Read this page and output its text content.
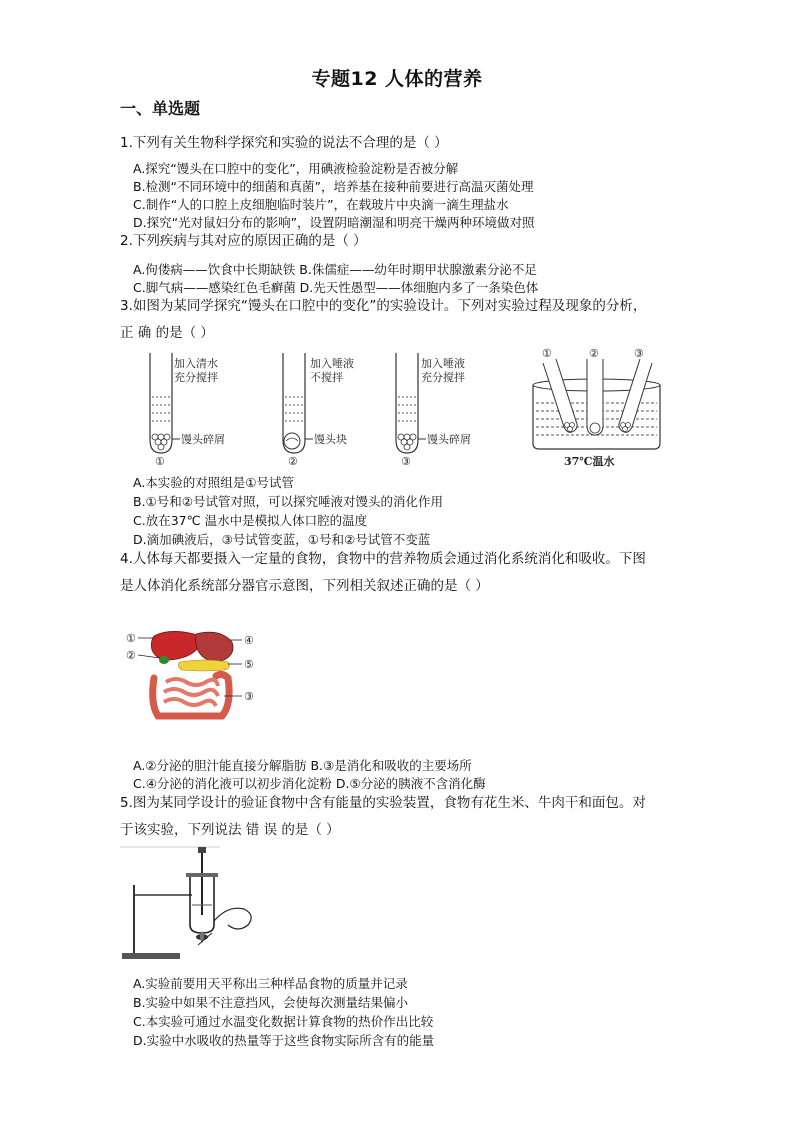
专题12 人体的营养
一、单选题
1.下列有关生物科学探究和实验的说法不合理的是（ ）
A.探究“馒头在口腔中的变化”，用碘液检验淀粉是否被分解
B.检测“不同环境中的细菌和真菌”，培养基在接种前要进行高温灭菌处理
C.制作“人的口腔上皮细胞临时装片”，在载玻片中央滴一滴生理盐水
D.探究“光对鼠妇分布的影响”，设置阴暗潮湿和明亮干燥两种环境做对照
2.下列疾病与其对应的原因正确的是（ ）
A.佝偻病——饮食中长期缺铁 B.侏儒症——幼年时期甲状腺激素分泌不足
C.脚气病——感染红色毛癣菌 D.先天性愚型——体细胞内多了一条染色体
3.如图为某同学探究“馒头在口腔中的变化”的实验设计。下列对实验过程及现象的分析，
正 确 的是（ ）
加入清水
充分搅拌
馒头碎屑
①
加入唾液
不搅拌
馒头块
②
加入唾液
充分搅拌
馒头碎屑
③
①	②	③
37℃温水
A.本实验的对照组是①号试管
B.①号和②号试管对照，可以探究唾液对馒头的消化作用
C.放在37℃ 温水中是模拟人体口腔的温度
D.滴加碘液后，③号试管变蓝，①号和②号试管不变蓝
4.人体每天都要摄入一定量的食物，食物中的营养物质会通过消化系统消化和吸收。下图
是人体消化系统部分器官示意图，下列相关叙述正确的是（ ）
①
②
③
④
⑤
A.②分泌的胆汁能直接分解脂肪 B.③是消化和吸收的主要场所
C.④分泌的消化液可以初步消化淀粉 D.⑤分泌的胰液不含消化酶
5.图为某同学设计的验证食物中含有能量的实验装置，食物有花生米、牛肉干和面包。对
于该实验，下列说法 错 误 的是（ ）
A.实验前要用天平称出三种样品食物的质量并记录
B.实验中如果不注意挡风，会使每次测量结果偏小
C.本实验可通过水温变化数据计算食物的热价作出比较
D.实验中水吸收的热量等于这些食物实际所含有的能量
